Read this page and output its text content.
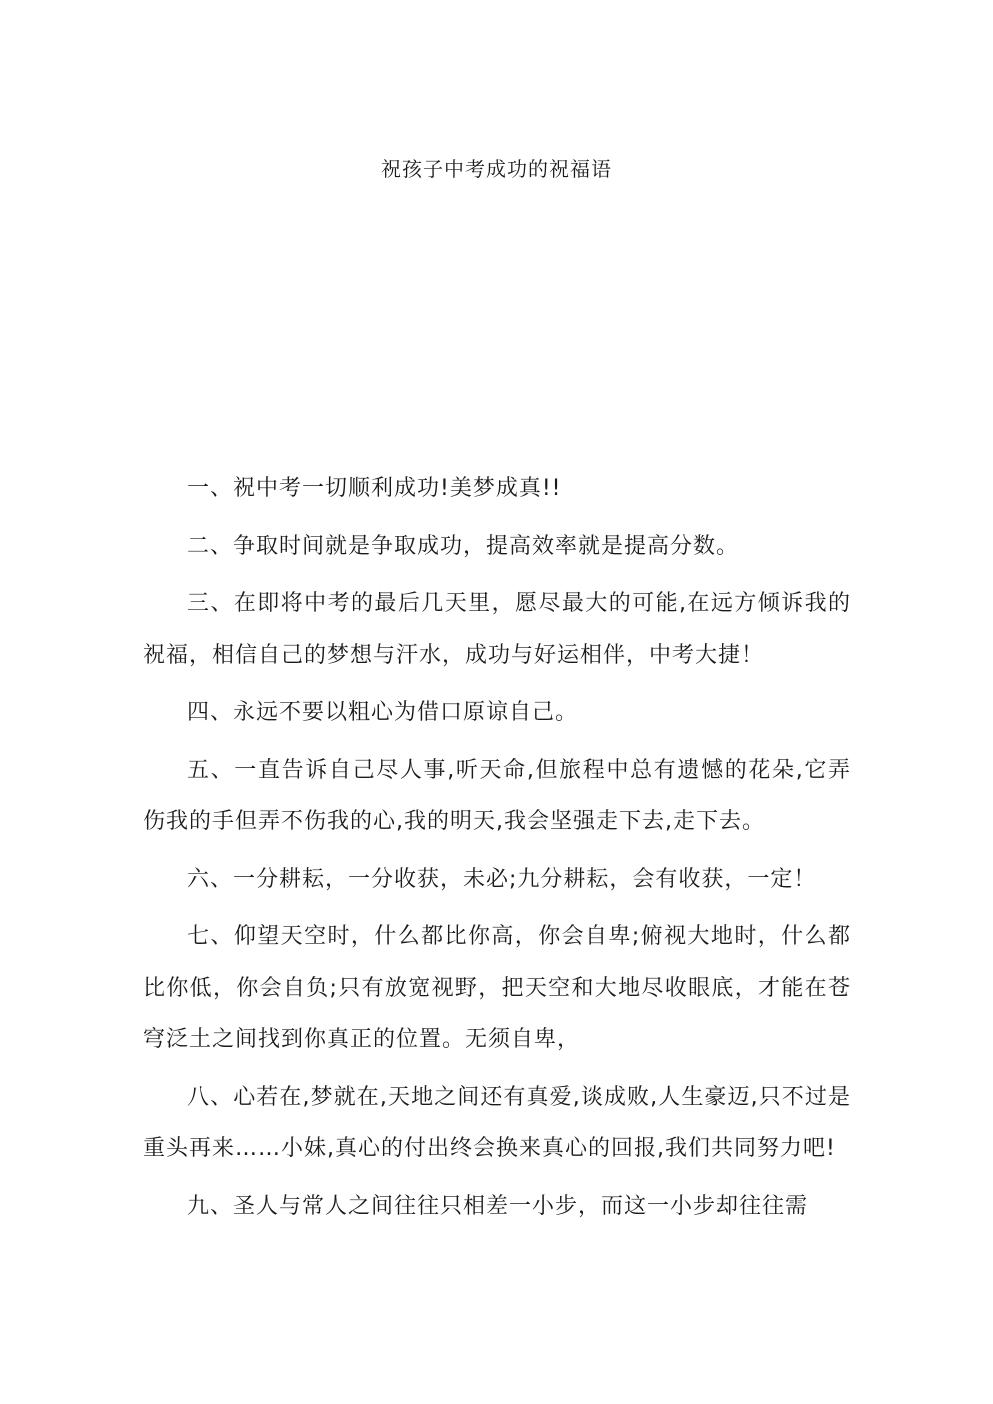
祝孩子中考成功的祝福语

一、祝中考一切顺利成功!美梦成真!!

二、争取时间就是争取成功，提高效率就是提高分数。

三、在即将中考的最后几天里，愿尽最大的可能,在远方倾诉我的祝福，相信自己的梦想与汗水，成功与好运相伴，中考大捷！

四、永远不要以粗心为借口原谅自己。

五、一直告诉自己尽人事,听天命,但旅程中总有遗憾的花朵,它弄伤我的手但弄不伤我的心,我的明天,我会坚强走下去,走下去。

六、一分耕耘，一分收获，未必;九分耕耘，会有收获，一定！

七、仰望天空时，什么都比你高，你会自卑;俯视大地时，什么都比你低，你会自负;只有放宽视野，把天空和大地尽收眼底，才能在苍穹泛土之间找到你真正的位置。无须自卑，

八、心若在,梦就在,天地之间还有真爱,谈成败,人生豪迈,只不过是重头再来……小妹,真心的付出终会换来真心的回报,我们共同努力吧!

九、圣人与常人之间往往只相差一小步，而这一小步却往往需
